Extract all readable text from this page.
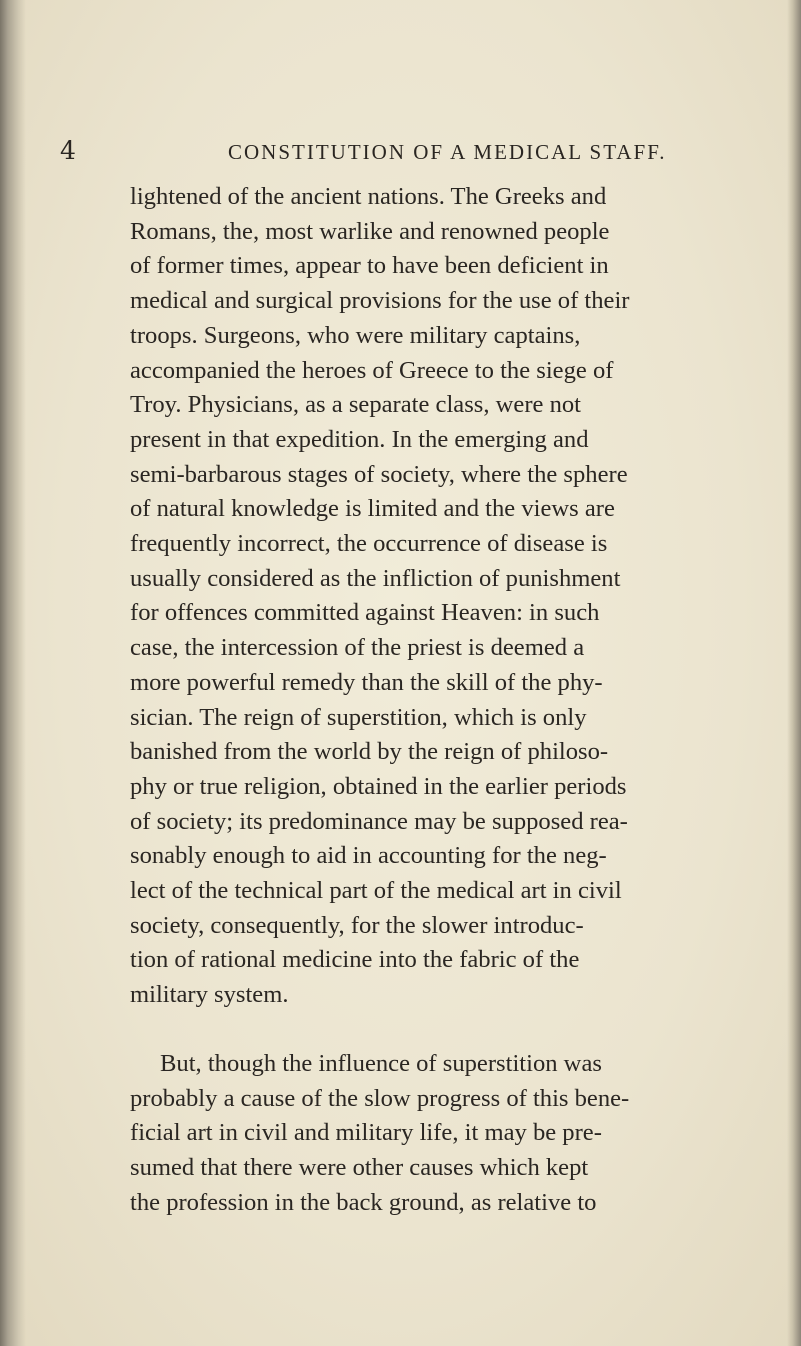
4	CONSTITUTION OF A MEDICAL STAFF.

lightened of the ancient nations. The Greeks and
Romans, the, most warlike and renowned people
of former times, appear to have been deficient in
medical and surgical provisions for the use of their
troops. Surgeons, who were military captains,
accompanied the heroes of Greece to the siege of
Troy. Physicians, as a separate class, were not
present in that expedition. In the emerging and
semi-barbarous stages of society, where the sphere
of natural knowledge is limited and the views are
frequently incorrect, the occurrence of disease is
usually considered as the infliction of punishment
for offences committed against Heaven: in such
case, the intercession of the priest is deemed a
more powerful remedy than the skill of the phy-
sician. The reign of superstition, which is only
banished from the world by the reign of philoso-
phy or true religion, obtained in the earlier periods
of society; its predominance may be supposed rea-
sonably enough to aid in accounting for the neg-
lect of the technical part of the medical art in civil
society, consequently, for the slower introduc-
tion of rational medicine into the fabric of the
military system.

But, though the influence of superstition was
probably a cause of the slow progress of this bene-
ficial art in civil and military life, it may be pre-
sumed that there were other causes which kept
the profession in the back ground, as relative to
